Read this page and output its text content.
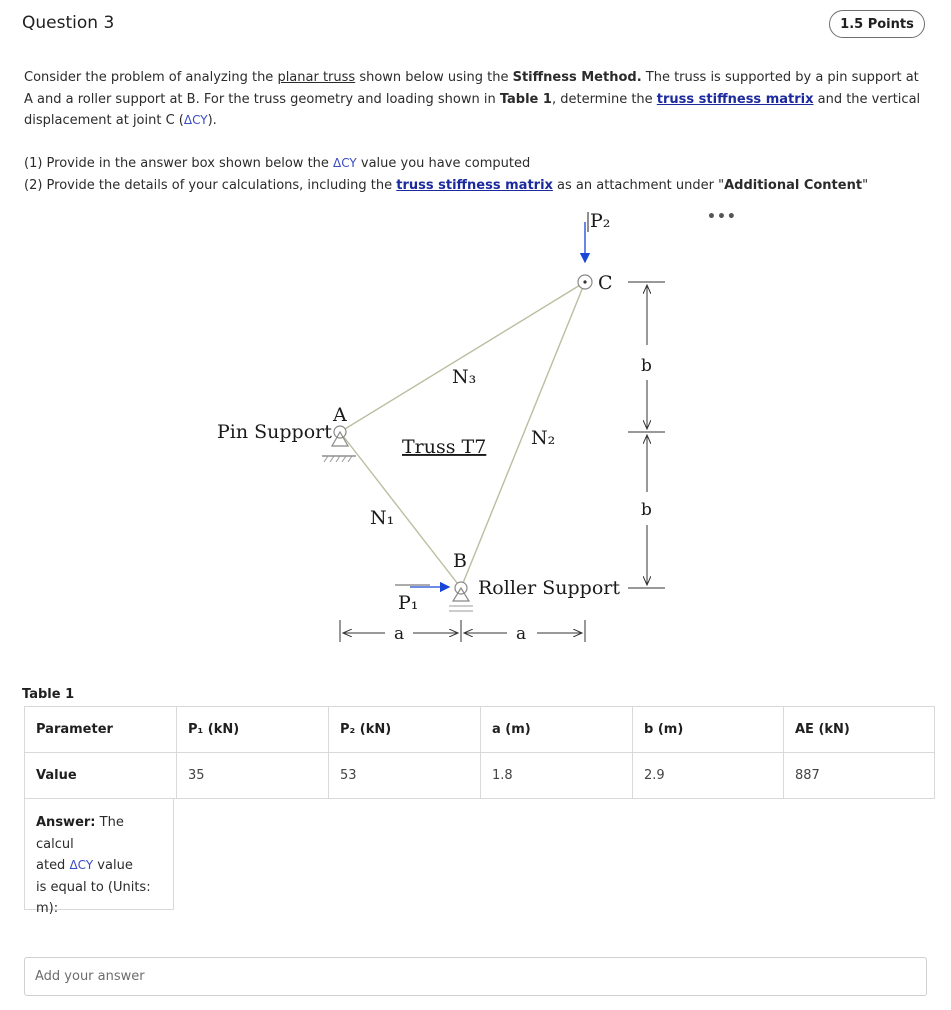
Question 3	1.5 Points
Consider the problem of analyzing the planar truss shown below using the Stiffness Method. The truss is supported by a pin support at A and a roller support at B. For the truss geometry and loading shown in Table 1, determine the truss stiffness matrix and the vertical displacement at joint C (ΔCY).
(1) Provide in the answer box shown below the ΔCY value you have computed
(2) Provide the details of your calculations, including the truss stiffness matrix as an attachment under "Additional Content"
•••
P₂
C
N₃
A
Pin Support
Truss T7 N₂
N₁
B
Roller Support
P₁
a	a
b
b
Table 1
Parameter	P₁ (kN)	P₂ (kN)	a (m)	b (m)	AE (kN)
Value	35	53	1.8	2.9	887
Answer: The calcul
ated ΔCY value
is equal to (Units:
m):
Add your answer
